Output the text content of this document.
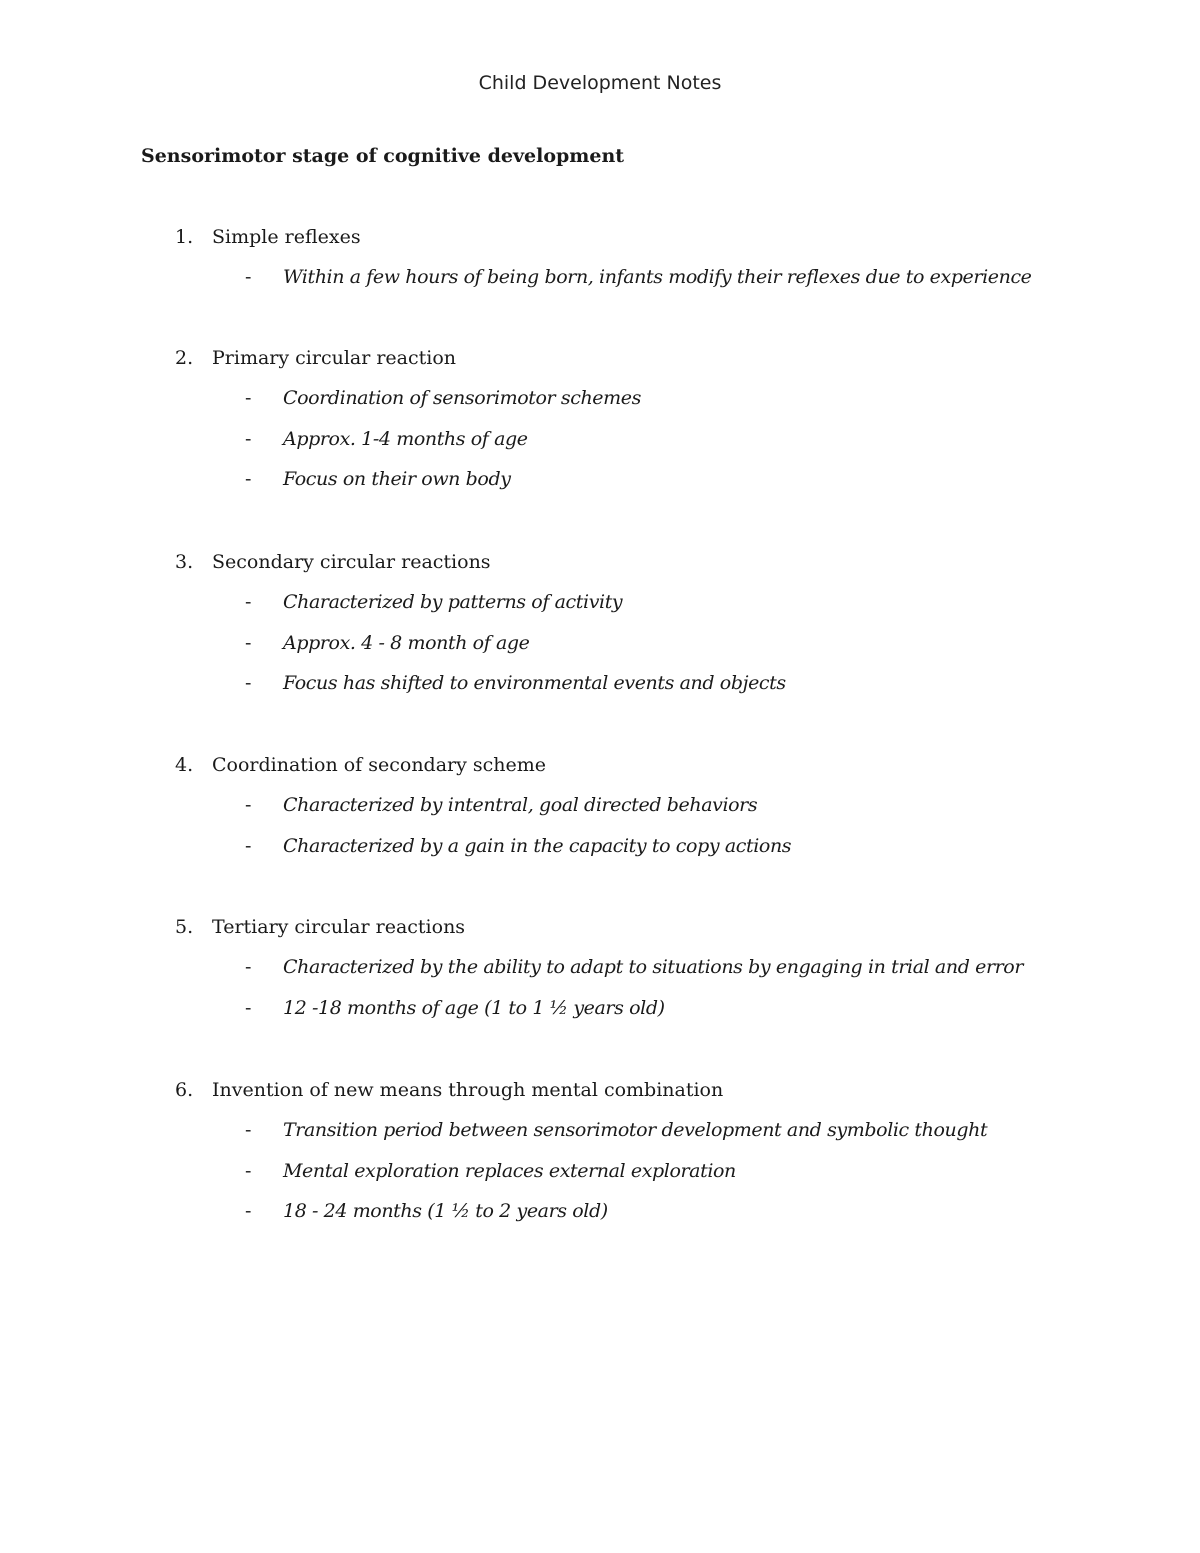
Child Development Notes
Sensorimotor stage of cognitive development
1. Simple reflexes
- Within a few hours of being born, infants modify their reflexes due to experience
2. Primary circular reaction
- Coordination of sensorimotor schemes
- Approx. 1-4 months of age
- Focus on their own body
3. Secondary circular reactions
- Characterized by patterns of activity
- Approx. 4 - 8 month of age
- Focus has shifted to environmental events and objects
4. Coordination of secondary scheme
- Characterized by intentral, goal directed behaviors
- Characterized by a gain in the capacity to copy actions
5. Tertiary circular reactions
- Characterized by the ability to adapt to situations by engaging in trial and error
- 12 -18 months of age (1 to 1 ½ years old)
6. Invention of new means through mental combination
- Transition period between sensorimotor development and symbolic thought
- Mental exploration replaces external exploration
- 18 - 24 months (1 ½ to 2 years old)
